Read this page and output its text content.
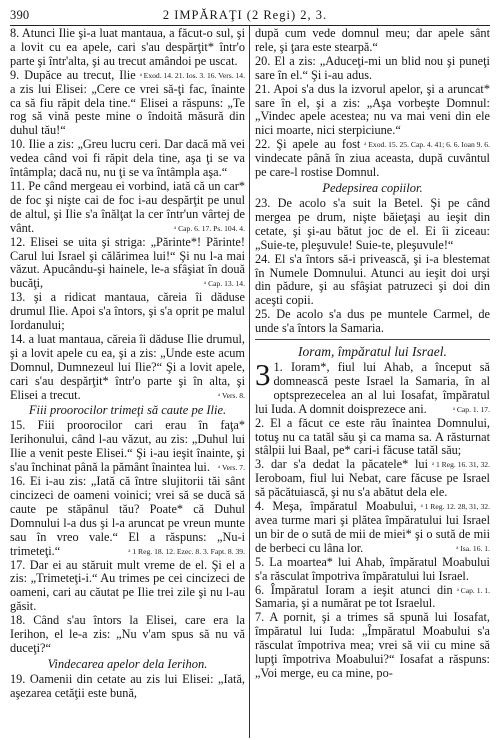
390	2 IMPĂRAŢI (2 Regi) 2, 3.

8. Atunci Ilie şi-a luat mantaua, a făcut-o sul, şi a lovit cu ea apele, cari s'au despărţit* într'o parte şi într'alta, şi au trecut amândoi pe uscat.
ᵃ Exod. 14. 21. Ios. 3. 16. Vers. 14.

9. Dupăce au trecut, Ilie a zis lui Elisei: „Cere ce vrei să-ţi fac, înainte ca să fiu răpit dela tine.“ Elisei a răspuns: „Te rog să vină peste mine o îndoită măsură din duhul tău!“

10. Ilie a zis: „Greu lucru ceri. Dar dacă mă vei vedea când voi fi răpit dela tine, aşa ţi se va întâmpla; dacă nu, nu ţi se va întâmpla aşa.“

11. Pe când mergeau ei vorbind, iată că un car* de foc şi nişte cai de foc i-au despărţit pe unul de altul, şi Ilie s'a înălţat la cer într'un vârtej de vânt.	ᵃ Cap. 6. 17. Ps. 104. 4.

12. Elisei se uita şi striga: „Părinte*! Părinte! Carul lui Israel şi călărimea lui!“ Şi nu l-a mai văzut. Apucându-şi hainele, le-a sfâşiat în două bucăţi,	ᵃ Cap. 13. 14.

13. şi a ridicat mantaua, căreia îi dăduse drumul Ilie. Apoi s'a întors, şi s'a oprit pe malul Iordanului;

14. a luat mantaua, căreia îi dăduse Ilie drumul, şi a lovit apele cu ea, şi a zis: „Unde este acum Domnul, Dumnezeul lui Ilie?“ Şi a lovit apele, cari s'au despărţit* într'o parte şi în alta, şi Elisei a trecut.	ᵃ Vers. 8.

Fiii proorocilor trimeţi să caute pe Ilie.

15. Fiii proorocilor cari erau în faţa* Ierihonului, când l-au văzut, au zis: „Duhul lui Ilie a venit peste Elisei.“ Şi i-au ieşit înainte, şi s'au închinat până la pământ înaintea lui.	ᵃ Vers. 7.

16. Ei i-au zis: „Iată că între slujitorii tăi sânt cincizeci de oameni voinici; vrei să se ducă să caute pe stăpânul tău? Poate* că Duhul Domnului l-a dus şi l-a aruncat pe vreun munte sau în vreo vale.“ El a răspuns: „Nu-i trimeteţi.“	ᵃ 1 Reg. 18. 12. Ezec. 8. 3. Fapt. 8. 39.

17. Dar ei au stăruit mult vreme de el. Şi el a zis: „Trimeteţi-i.“ Au trimes pe cei cincizeci de oameni, cari au căutat pe Ilie trei zile şi nu l-au găsit.

18. Când s'au întors la Elisei, care era la Ierihon, el le-a zis: „Nu v'am spus să nu vă duceţi?“

Vindecarea apelor dela Ierihon.

19. Oamenii din cetate au zis lui Elisei: „Iată, aşezarea cetăţii este bună,

după cum vede domnul meu; dar apele sânt rele, şi ţara este stearpă.“

20. El a zis: „Aduceţi-mi un blid nou şi puneţi sare în el.“ Şi i-au adus.

21. Apoi s'a dus la izvorul apelor, şi a aruncat* sare în el, şi a zis: „Aşa vorbeşte Domnul: „Vindec apele acestea; nu va mai veni din ele nici moarte, nici sterpiciune.“
ᵃ Exod. 15. 25. Cap. 4. 41; 6. 6. Ioan 9. 6.

22. Şi apele au fost vindecate până în ziua aceasta, după cuvântul pe care-l rostise Domnul.

Pedepsirea copiilor.

23. De acolo s'a suit la Betel. Şi pe când mergea pe drum, nişte băieţaşi au ieşit din cetate, şi şi-au bătut joc de el. Ei îi ziceau: „Suie-te, pleşuvule! Suie-te, pleşuvule!“

24. El s'a întors să-i privească, şi i-a blestemat în Numele Domnului. Atunci au ieşit doi urşi din pădure, şi au sfâşiat patruzeci şi doi din aceşti copii.

25. De acolo s'a dus pe muntele Carmel, de unde s'a întors la Samaria.

Ioram, împăratul lui Israel.

3 1. Ioram*, fiul lui Ahab, a început să domnească peste Israel la Samaria, în al optsprezecelea an al lui Iosafat, împăratul lui Iuda. A domnit doisprezece ani.	ᵃ Cap. 1. 17.

2. El a făcut ce este rău înaintea Domnului, totuş nu ca tatăl său şi ca mama sa. A răsturnat stâlpii lui Baal, pe* cari-i făcuse tatăl său;
ᵃ 1 Reg. 16. 31, 32.

3. dar s'a dedat la păcatele* lui Ieroboam, fiul lui Nebat, care făcuse pe Israel să păcătuiască, şi nu s'a abătut dela ele.
ᵃ 1 Reg. 12. 28, 31, 32.

4. Meşa, împăratul Moabului, avea turme mari şi plătea împăratului lui Israel un bir de o sută de mii de miei* şi o sută de mii de berbeci cu lâna lor.	ᵃ Isa. 16. 1.

5. La moartea* lui Ahab, împăratul Moabului s'a răsculat împotriva împăratului lui Israel.
ᵃ Cap. 1. 1.

6. Împăratul Ioram a ieşit atunci din Samaria, şi a numărat pe tot Israelul.

7. A pornit, şi a trimes să spună lui Iosafat, împăratul lui Iuda: „Împăratul Moabului s'a răsculat împotriva mea; vrei să vii cu mine să lupţi împotriva Moabului?“ Iosafat a răspuns: „Voi merge, eu ca mine, po-
